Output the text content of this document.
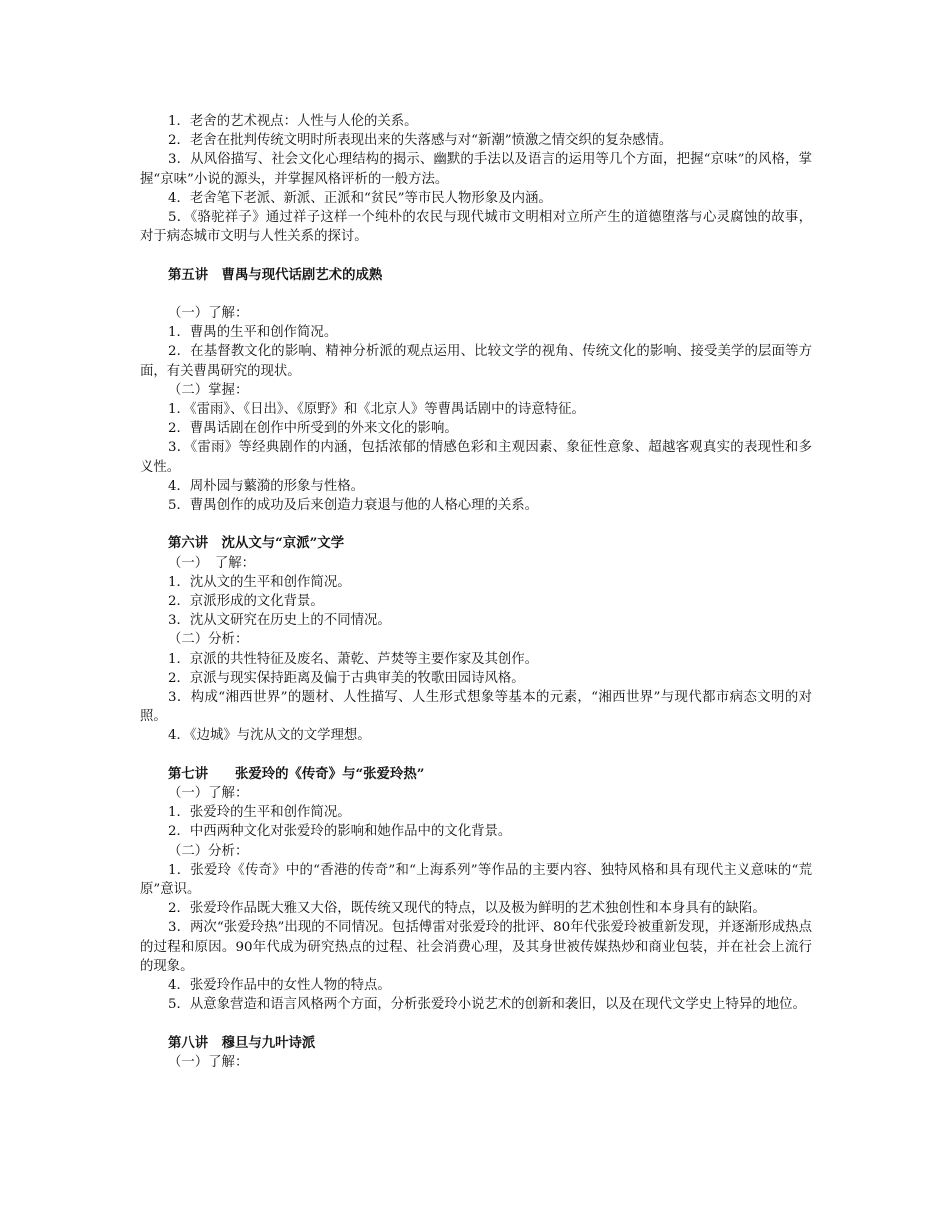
1．老舍的艺术视点：人性与人伦的关系。

2．老舍在批判传统文明时所表现出来的失落感与对“新潮”愤激之情交织的复杂感情。

3．从风俗描写、社会文化心理结构的揭示、幽默的手法以及语言的运用等几个方面，把握“京味”的风格，掌握“京味”小说的源头，并掌握风格评析的一般方法。

4．老舍笔下老派、新派、正派和“贫民”等市民人物形象及内涵。

5．《骆驼祥子》通过祥子这样一个纯朴的农民与现代城市文明相对立所产生的道德堕落与心灵腐蚀的故事，对于病态城市文明与人性关系的探讨。

第五讲　曹禺与现代话剧艺术的成熟

（一）了解：

1．曹禺的生平和创作简况。

2．在基督教文化的影响、精神分析派的观点运用、比较文学的视角、传统文化的影响、接受美学的层面等方面，有关曹禺研究的现状。

（二）掌握：

1．《雷雨》、《日出》、《原野》和《北京人》等曹禺话剧中的诗意特征。

2．曹禺话剧在创作中所受到的外来文化的影响。

3．《雷雨》等经典剧作的内涵，包括浓郁的情感色彩和主观因素、象征性意象、超越客观真实的表现性和多义性。

4．周朴园与蘩漪的形象与性格。

5．曹禺创作的成功及后来创造力衰退与他的人格心理的关系。

第六讲　沈从文与“京派”文学

（一）　了解：

1．沈从文的生平和创作简况。

2．京派形成的文化背景。

3．沈从文研究在历史上的不同情况。

（二）分析：

1．京派的共性特征及废名、萧乾、芦焚等主要作家及其创作。

2．京派与现实保持距离及偏于古典审美的牧歌田园诗风格。

3．构成“湘西世界”的题材、人性描写、人生形式想象等基本的元素，“湘西世界”与现代都市病态文明的对照。

4．《边城》与沈从文的文学理想。

第七讲　　张爱玲的《传奇》与“张爱玲热”

（一）了解：

1．张爱玲的生平和创作简况。

2．中西两种文化对张爱玲的影响和她作品中的文化背景。

（二）分析：

1．张爱玲《传奇》中的“香港的传奇”和“上海系列”等作品的主要内容、独特风格和具有现代主义意味的“荒原”意识。

2．张爱玲作品既大雅又大俗，既传统又现代的特点，以及极为鲜明的艺术独创性和本身具有的缺陷。

3．两次“张爱玲热”出现的不同情况。包括傅雷对张爱玲的批评、80年代张爱玲被重新发现，并逐渐形成热点的过程和原因。90年代成为研究热点的过程、社会消费心理，及其身世被传媒热炒和商业包装，并在社会上流行的现象。

4．张爱玲作品中的女性人物的特点。

5．从意象营造和语言风格两个方面，分析张爱玲小说艺术的创新和袭旧，以及在现代文学史上特异的地位。

第八讲　穆旦与九叶诗派

（一）了解：
